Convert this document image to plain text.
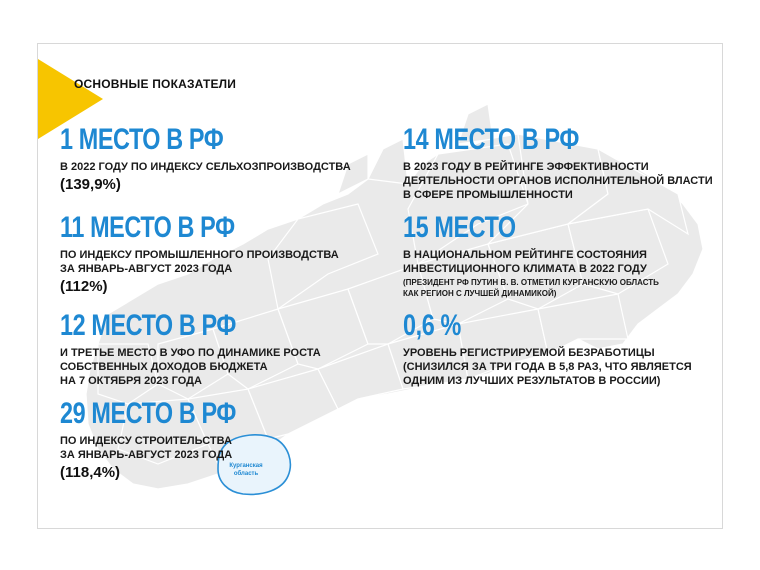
ОСНОВНЫЕ ПОКАЗАТЕЛИ
1 МЕСТО В РФ
В 2022 ГОДУ ПО ИНДЕКСУ СЕЛЬХОЗПРОИЗВОДСТВА
(139,9%)
11 МЕСТО В РФ
ПО ИНДЕКСУ ПРОМЫШЛЕННОГО ПРОИЗВОДСТВА
ЗА ЯНВАРЬ-АВГУСТ 2023 ГОДА
(112%)
12 МЕСТО В РФ
И ТРЕТЬЕ МЕСТО В УФО ПО ДИНАМИКЕ РОСТА
СОБСТВЕННЫХ ДОХОДОВ БЮДЖЕТА
НА 7 ОКТЯБРЯ 2023 ГОДА
29 МЕСТО В РФ
ПО ИНДЕКСУ СТРОИТЕЛЬСТВА
ЗА ЯНВАРЬ-АВГУСТ 2023 ГОДА
(118,4%)	Курганская
область
14 МЕСТО В РФ
В 2023 ГОДУ В РЕЙТИНГЕ ЭФФЕКТИВНОСТИ
ДЕЯТЕЛЬНОСТИ ОРГАНОВ ИСПОЛНИТЕЛЬНОЙ ВЛАСТИ
В СФЕРЕ ПРОМЫШЛЕННОСТИ
15 МЕСТО
В НАЦИОНАЛЬНОМ РЕЙТИНГЕ СОСТОЯНИЯ
ИНВЕСТИЦИОННОГО КЛИМАТА В 2022 ГОДУ
(ПРЕЗИДЕНТ РФ ПУТИН В. В. ОТМЕТИЛ КУРГАНСКУЮ ОБЛАСТЬ
КАК РЕГИОН С ЛУЧШЕЙ ДИНАМИКОЙ)
0,6 %
УРОВЕНЬ РЕГИСТРИРУЕМОЙ БЕЗРАБОТИЦЫ
(СНИЗИЛСЯ ЗА ТРИ ГОДА В 5,8 РАЗ, ЧТО ЯВЛЯЕТСЯ
ОДНИМ ИЗ ЛУЧШИХ РЕЗУЛЬТАТОВ В РОССИИ)
